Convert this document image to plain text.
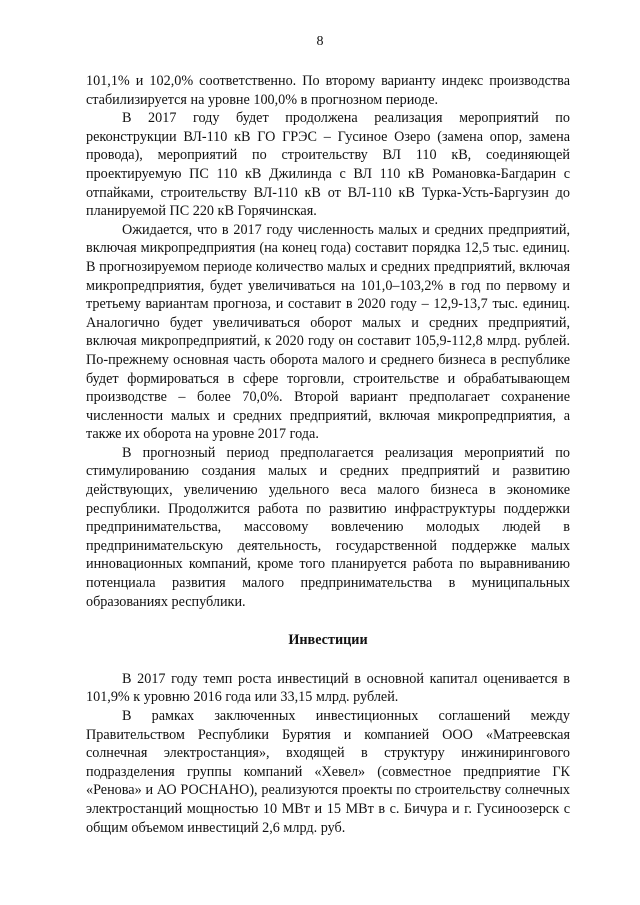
8

101,1% и 102,0% соответственно. По второму варианту индекс производства стабилизируется на уровне 100,0% в прогнозном периоде.

В 2017 году будет продолжена реализация мероприятий по реконструкции ВЛ-110 кВ ГО ГРЭС – Гусиное Озеро (замена опор, замена провода), мероприятий по строительству ВЛ 110 кВ, соединяющей проектируемую ПС 110 кВ Джилинда с ВЛ 110 кВ Романовка-Багдарин с отпайками, строительству ВЛ-110 кВ от ВЛ-110 кВ Турка-Усть-Баргузин до планируемой ПС 220 кВ Горячинская.

Ожидается, что в 2017 году численность малых и средних предприятий, включая микропредприятия (на конец года) составит порядка 12,5 тыс. единиц. В прогнозируемом периоде количество малых и средних предприятий, включая микропредприятия, будет увеличиваться на 101,0–103,2% в год по первому и третьему вариантам прогноза, и составит в 2020 году – 12,9-13,7 тыс. единиц. Аналогично будет увеличиваться оборот малых и средних предприятий, включая микропредприятий, к 2020 году он составит 105,9-112,8 млрд. рублей. По-прежнему основная часть оборота малого и среднего бизнеса в республике будет формироваться в сфере торговли, строительстве и обрабатывающем производстве – более 70,0%. Второй вариант предполагает сохранение численности малых и средних предприятий, включая микропредприятия, а также их оборота на уровне 2017 года.

В прогнозный период предполагается реализация мероприятий по стимулированию создания малых и средних предприятий и развитию действующих, увеличению удельного веса малого бизнеса в экономике республики. Продолжится работа по развитию инфраструктуры поддержки предпринимательства, массовому вовлечению молодых людей в предпринимательскую деятельность, государственной поддержке малых инновационных компаний, кроме того планируется работа по выравниванию потенциала развития малого предпринимательства в муниципальных образованиях республики.

Инвестиции

В 2017 году темп роста инвестиций в основной капитал оценивается в 101,9% к уровню 2016 года или 33,15 млрд. рублей.

В рамках заключенных инвестиционных соглашений между Правительством Республики Бурятия и компанией ООО «Матреевская солнечная электростанция», входящей в структуру инжинирингового подразделения группы компаний «Хевел» (совместное предприятие ГК «Ренова» и АО РОСНАНО), реализуются проекты по строительству солнечных электростанций мощностью 10 МВт и 15 МВт в с. Бичура и г. Гусиноозерск с общим объемом инвестиций 2,6 млрд. руб.
